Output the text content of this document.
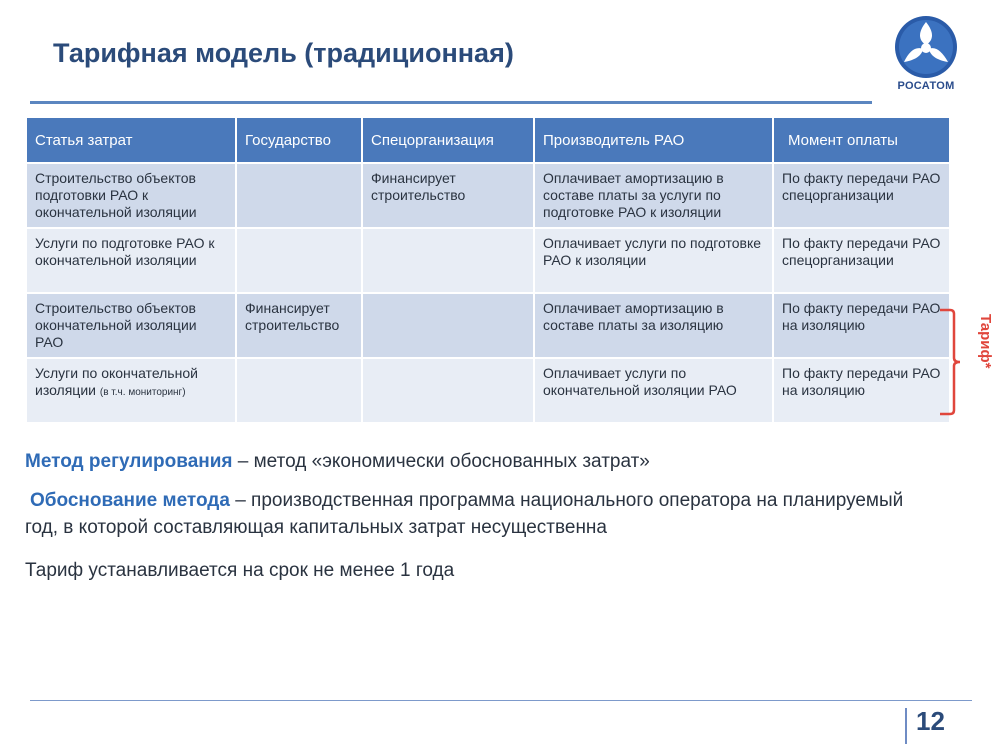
Тарифная модель (традиционная)
РОСАТОМ
Статья затрат	Государство	Спецорганизация	Производитель РАО	Момент оплаты
Строительство объектов подготовки РАО к окончательной изоляции		Финансирует строительство	Оплачивает амортизацию в составе платы за услуги по подготовке РАО к изоляции	По факту передачи РАО спецорганизации
Услуги по подготовке РАО к окончательной изоляции			Оплачивает услуги по подготовке РАО к изоляции	По факту передачи РАО спецорганизации
Строительство объектов окончательной изоляции РАО	Финансирует строительство		Оплачивает амортизацию в составе платы за изоляцию	По факту передачи РАО на изоляцию
Услуги по окончательной изоляции (в т.ч. мониторинг)			Оплачивает услуги по окончательной изоляции РАО	По факту передачи РАО на изоляцию
Тариф*
Метод регулирования – метод «экономически обоснованных затрат»
Обоснование метода – производственная программа национального оператора на планируемый год, в которой составляющая капитальных затрат несущественна
Тариф устанавливается на срок не менее 1 года
12
